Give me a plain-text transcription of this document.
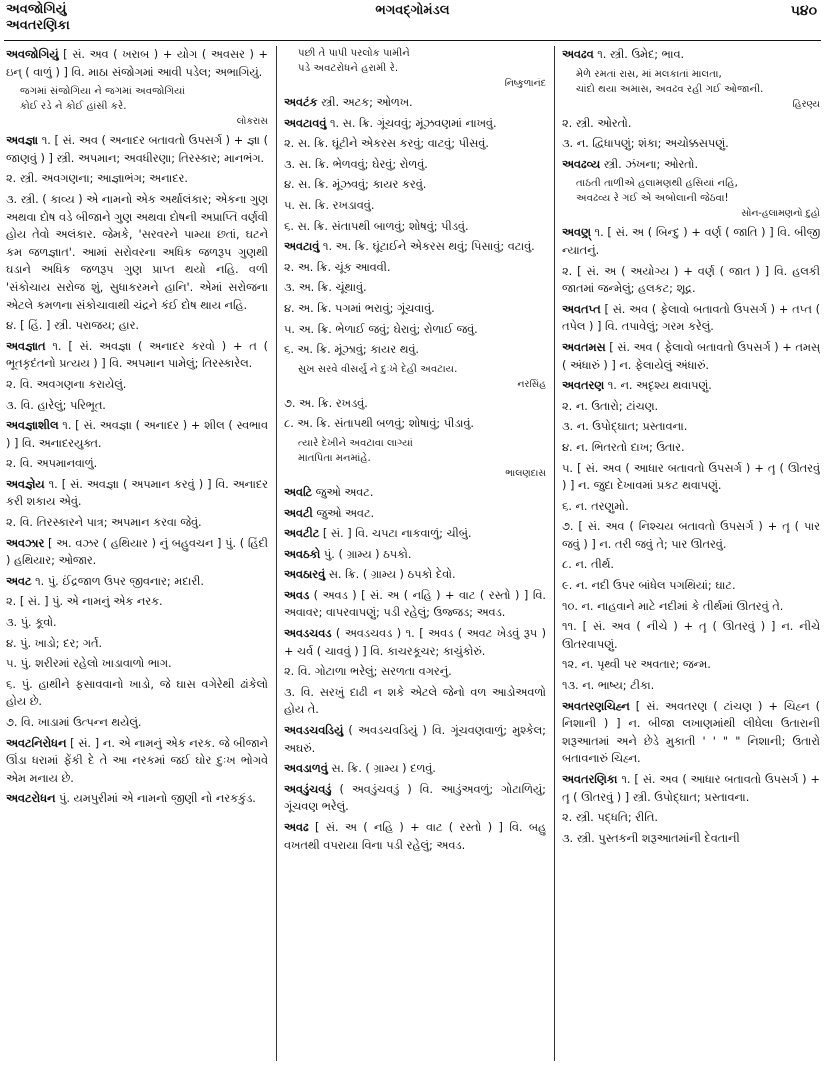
અવજોગિયું
અવતરણિકા
ભગવદ્ગોમંડલ	૫૪૦
અવજોગિયું [ સં. અવ ( ખરાબ ) + યોગ ( અવસર ) + ઇન્ ( વાળું ) ] વિ. માઠા સંજોગમાં આવી પડેલ; અભાગિયું.
જગમાં સંજોગિયા ને જગમાં અવજોગિયાં
કોઈ રડે ને કોઈ હાંસી કરે.
લોકરાસ
અવજ્ઞા ૧. [ સં. અવ ( અનાદર બતાવતો ઉપસર્ગ ) + જ્ઞા ( જાણવું ) ] સ્ત્રી. અપમાન; અવધીરણા; તિરસ્કાર; માનભંગ.
૨. સ્ત્રી. અવગણના; આજ્ઞાભંગ; અનાદર.
૩. સ્ત્રી. ( કાવ્ય ) એ નામનો એક અર્થાલંકાર; એકના ગુણ અથવા દોષ વડે બીજાને ગુણ અથવા દોષની અપ્રાપ્તિ વર્ણવી હોય તેવો અલંકાર. જેમકે, 'સરવરને પામ્યા છતાં, ઘટને કમ જળજ્ઞાત'. આમાં સરોવરના અધિક જળરૂપ ગુણથી ઘડાને અધિક જળરૂપ ગુણ પ્રાપ્ત થયો નહિ. વળી 'સંકોચાય સરોજ શું, સુધાકરમને હાનિ'. એમાં સરોજના એટલે કમળના સંકોચાવાથી ચંદ્રને કંઈ દોષ થાય નહિ.
૪. [ હિં. ] સ્ત્રી. પરાજય; હાર.
અવજ્ઞાત ૧. [ સં. અવજ્ઞા ( અનાદર કરવો ) + ત ( ભૂતકૃદંતનો પ્રત્યય ) ] વિ. અપમાન પામેલું; તિરસ્કારેલ.
૨. વિ. અવગણના કરાયેલું.
૩. વિ. હારેલું; પરિભૂત.
અવજ્ઞાશીલ ૧. [ સં. અવજ્ઞા ( અનાદર ) + શીલ ( સ્વભાવ ) ] વિ. અનાદરયુક્ત.
૨. વિ. અપમાનવાળું.
અવજ્ઞેય ૧. [ સં. અવજ્ઞા ( અપમાન કરવું ) ] વિ. અનાદર કરી શકાય એવું.
૨. વિ. તિરસ્કારને પાત્ર; અપમાન કરવા જેવું.
અવઝાર [ અ. વઝર ( હથિયાર ) નું બહુવચન ] પું. ( હિંદી ) હથિયાર; ઓજાર.
અવટ ૧. પું. ઈંદ્રજાળ ઉપર જીવનાર; મદારી.
૨. [ સં. ] પું. એ નામનું એક નરક.
૩. પું. કૂવો.
૪. પું. ખાડો; દર; ગર્ત.
૫. પું. શરીરમાં રહેલો ખાડાવાળો ભાગ.
૬. પું. હાથીને ફસાવવાનો ખાડો, જે ઘાસ વગેરેથી ઢાંકેલો હોય છે.
૭. વિ. ખાડામાં ઉત્પન્ન થયેલું.
અવટનિરોધન [ સં. ] ન. એ નામનું એક નરક. જે બીજાને ઊંડા ધરામાં ફેંકી દે તે આ નરકમાં જઈ ઘોર દુઃખ ભોગવે એમ મનાય છે.
અવટરોધન પું. યમપુરીમાં એ નામનો જીણી નો નરકકુંડ.
પછી તે પાપી પરલોક પામીને
પડે અવટરોધને હરામી રે.
નિષ્કુળાનંદ
અવટંક સ્ત્રી. અટક; ઓળખ.
અવટાવવું ૧. સ. ક્રિ. ગૂંચવવું; મૂંઝવણમાં નાખવું.
૨. સ. ક્રિ. ઘૂંટીને એકરસ કરવું; વાટવું; પીસવું.
૩. સ. ક્રિ. ભેળવવું; ઘેરવું; રોળવું.
૪. સ. ક્રિ. મૂંઝવવું; કાયર કરવું.
૫. સ. ક્રિ. રખડાવવું.
૬. સ. ક્રિ. સંતાપથી બાળવું; શોષવું; પીડવું.
અવટાવું ૧. અ. ક્રિ. ઘૂંટાઈને એકરસ થવું; પિસાવું; વટાવું.
૨. અ. ક્રિ. ચૂંક આવવી.
૩. અ. ક્રિ. ચૂંથાવું.
૪. અ. ક્રિ. પગમાં ભરાવું; ગૂંચવાવું.
૫. અ. ક્રિ. ભેળાઈ જવું; ઘેરાવું; રોળાઈ જવું.
૬. અ. ક્રિ. મૂંઝાવું; કાયર થવું.
સુખ સરવે વીસર્યું ને દુઃખે દેહી અવટાય.
નરસિંહ
૭. અ. ક્રિ. રખડવું.
૮. અ. ક્રિ. સંતાપથી બળવું; શોષાવું; પીડાવું.
ત્યારે દેખીને અવટાવા લાગ્યાં
માતપિતા મનમાંહે.
ભાલણદાસ
અવટિ જુઓ અવટ.
અવટી જુઓ અવટ.
અવટીટ [ સં. ] વિ. ચપટા નાકવાળું; ચીબું.
અવઠકો પું. ( ગ્રામ્ય ) ઠપકો.
અવઠારવું સ. ક્રિ. ( ગ્રામ્ય ) ઠપકો દેવો.
અવડ ( અવડ ) [ સં. અ ( નહિ ) + વાટ ( રસ્તો ) ] વિ. અવાવર; વાપરવાપણું; પડી રહેલું; ઉજ્જડ; અવડ.
અવડચવડ ( અવડચવડ ) ૧. [ અવડ ( અવટ ખેડવું રૂપ ) + ચર્વ ( ચાવવું ) ] વિ. કાચરકૂચર; કાચુંકોરું.
૨. વિ. ગોટાળા ભરેલું; સરળતા વગરનું.
૩. વિ. સરખું દાઢી ન શકે એટલે જેનો વળ આડોઅવળો હોય તે.
અવડચવડિયું ( અવડચવડિયું ) વિ. ગૂંચવણવાળું; મુશ્કેલ; અઘરું.
અવડાળવું સ. ક્રિ. ( ગ્રામ્ય ) દળવું.
અવડુંચવડું ( અવડુંચવડું ) વિ. આડુંઅવળું; ગોટાળિયું; ગૂંચવણ ભરેલું.
અવઢ [ સં. અ ( નહિ ) + વાટ ( રસ્તો ) ] વિ. બહુ વખતથી વપરાયા વિના પડી રહેલું; અવડ.
અવઢવ ૧. સ્ત્રી. ઉમેદ; ભાવ.
મેળે રમતાં રાસ, માં મલકાતાં માલતા,
ચાંદો થયા અમાસ, અવઢવ રહી ગઈ ઓજાની.
હિરણ્ય
૨. સ્ત્રી. ઓરતો.
૩. ન. દ્વિધાપણું; શંકા; અચોક્કસપણું.
અવઢવ્ય સ્ત્રી. ઝંખના; ઓરતો.
તાઠતી તાળીએ હલામણથી હસિયાં નહિ,
અવઢવ્ય રે ગઈ એ અબોલાની જેઠવા!
સોન-હલામણનો દુહો
અવણ્ર્ ૧. [ સં. અ ( બિન્દુ ) + વર્ણ ( જાતિ ) ] વિ. બીજી ન્યાતનું.
૨. [ સં. અ ( અયોગ્ય ) + વર્ણ ( જાત ) ] વિ. હલકી જાતમાં જન્મેલું; હલકટ; શૂદ્ર.
અવતપ્ત [ સં. અવ ( ફેલાવો બતાવતો ઉપસર્ગ ) + તપ્ત ( તપેલ ) ] વિ. તપાવેલું; ગરમ કરેલું.
અવતમસ [ સં. અવ ( ફેલાવો બતાવતો ઉપસર્ગ ) + તમસ્ ( અંધારું ) ] ન. ફેલાયેલું અંધારું.
અવતરણ ૧. ન. અદૃશ્ય થવાપણું.
૨. ન. ઉતારો; ટાંચણ.
૩. ન. ઉપોદ્ઘાત; પ્રસ્તાવના.
૪. ન. ભિતરતો દાખ; ઉતાર.
૫. [ સં. અવ ( આધાર બતાવતો ઉપસર્ગ ) + તૄ ( ઊતરવું ) ] ન. જુદા દેખાવમાં પ્રકટ થવાપણું.
૬. ન. તરણુમો.
૭. [ સં. અવ ( નિશ્ચય બતાવતો ઉપસર્ગ ) + તૄ ( પાર જવું ) ] ન. તરી જવું તે; પાર ઊતરવું.
૮. ન. તીર્થ.
૯. ન. નદી ઉપર બાંધેલ પગથિયાં; ઘાટ.
૧૦. ન. નાહવાને માટે નદીમાં કે તીર્થમાં ઊતરવું તે.
૧૧. [ સં. અવ ( નીચે ) + તૄ ( ઊતરવું ) ] ન. નીચે ઊતરવાપણું.
૧૨. ન. પૃથ્વી પર અવતાર; જન્મ.
૧૩. ન. ભાષ્ય; ટીકા.
અવતરણચિહ્ન [ સં. અવતરણ ( ટાંચણ ) + ચિહ્ન ( નિશાની ) ] ન. બીજા લખાણમાંથી લીધેલા ઉતારાની શરૂઆતમાં અને છેડે મુકાતી ' ' " " નિશાની; ઉતારો બતાવનારું ચિહ્ન.
અવતરણિકા ૧. [ સં. અવ ( આધાર બતાવતો ઉપસર્ગ ) + તૄ ( ઊતરવું ) ] સ્ત્રી. ઉપોદ્ઘાત; પ્રસ્તાવના.
૨. સ્ત્રી. પદ્ધતિ; રીતિ.
૩. સ્ત્રી. પુસ્તકની શરૂઆતમાંની દેવતાની
